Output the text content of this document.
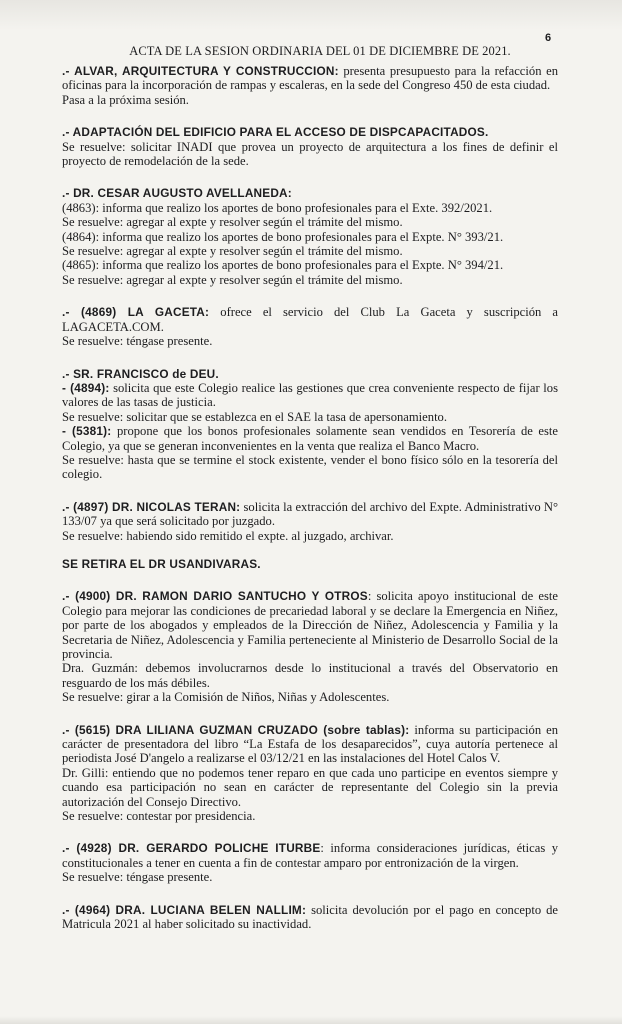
6
ACTA DE LA SESION ORDINARIA DEL 01 DE DICIEMBRE DE 2021.

.- ALVAR, ARQUITECTURA Y CONSTRUCCION: presenta presupuesto para la refacción en oficinas para la incorporación de rampas y escaleras, en la sede del Congreso 450 de esta ciudad.

Pasa a la próxima sesión.

.- ADAPTACIÓN DEL EDIFICIO PARA EL ACCESO DE DISPCAPACITADOS.

Se resuelve: solicitar INADI que provea un proyecto de arquitectura a los fines de definir el proyecto de remodelación de la sede.

.- DR. CESAR AUGUSTO AVELLANEDA:

(4863): informa que realizo los aportes de bono profesionales para el Exte. 392/2021.

Se resuelve: agregar al expte y resolver según el trámite del mismo.

(4864): informa que realizo los aportes de bono profesionales para el Expte. N° 393/21.

Se resuelve: agregar al expte y resolver según el trámite del mismo.

(4865): informa que realizo los aportes de bono profesionales para el Expte. N° 394/21.

Se resuelve: agregar al expte y resolver según el trámite del mismo.

.- (4869) LA GACETA: ofrece el servicio del Club La Gaceta y suscripción a LAGACETA.COM.

Se resuelve: téngase presente.

.- SR. FRANCISCO de DEU.

- (4894): solicita que este Colegio realice las gestiones que crea conveniente respecto de fijar los valores de las tasas de justicia.

Se resuelve: solicitar que se establezca en el SAE la tasa de apersonamiento.

- (5381): propone que los bonos profesionales solamente sean vendidos en Tesorería de este Colegio, ya que se generan inconvenientes en la venta que realiza el Banco Macro.

Se resuelve: hasta que se termine el stock existente, vender el bono físico sólo en la tesorería del colegio.

.- (4897) DR. NICOLAS TERAN: solicita la extracción del archivo del Expte. Administrativo N° 133/07 ya que será solicitado por juzgado.

Se resuelve: habiendo sido remitido el expte. al juzgado, archivar.

SE RETIRA EL DR USANDIVARAS.

.- (4900) DR. RAMON DARIO SANTUCHO Y OTROS: solicita apoyo institucional de este Colegio para mejorar las condiciones de precariedad laboral y se declare la Emergencia en Niñez, por parte de los abogados y empleados de la Dirección de Niñez, Adolescencia y Familia y la Secretaria de Niñez, Adolescencia y Familia perteneciente al Ministerio de Desarrollo Social de la provincia.

Dra. Guzmán: debemos involucrarnos desde lo institucional a través del Observatorio en resguardo de los más débiles.

Se resuelve: girar a la Comisión de Niños, Niñas y Adolescentes.

.- (5615) DRA LILIANA GUZMAN CRUZADO (sobre tablas): informa su participación en carácter de presentadora del libro “La Estafa de los desaparecidos”, cuya autoría pertenece al periodista José D'angelo a realizarse el 03/12/21 en las instalaciones del Hotel Calos V.

Dr. Gilli: entiendo que no podemos tener reparo en que cada uno participe en eventos siempre y cuando esa participación no sean en carácter de representante del Colegio sin la previa autorización del Consejo Directivo.

Se resuelve: contestar por presidencia.

.- (4928) DR. GERARDO POLICHE ITURBE: informa consideraciones jurídicas, éticas y constitucionales a tener en cuenta a fin de contestar amparo por entronización de la virgen.

Se resuelve: téngase presente.

.- (4964) DRA. LUCIANA BELEN NALLIM: solicita devolución por el pago en concepto de Matricula 2021 al haber solicitado su inactividad.
